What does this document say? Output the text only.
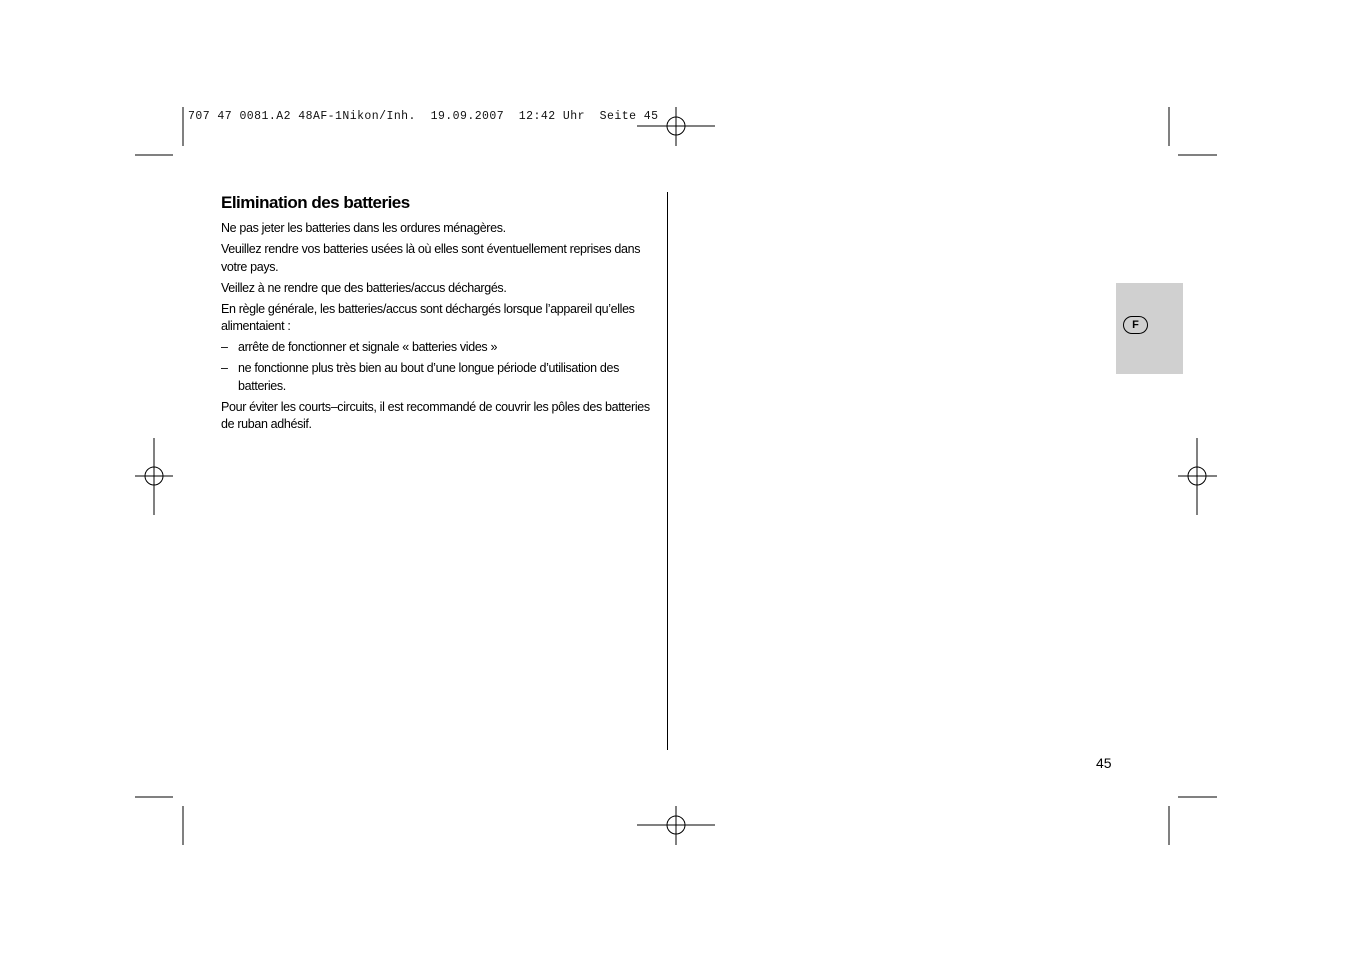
707 47 0081.A2 48AF-1Nikon/Inh.  19.09.2007  12:42 Uhr  Seite 45
Elimination des batteries

Ne pas jeter les batteries dans les ordures ménagères.

Veuillez rendre vos batteries usées là où elles sont éventuellement reprises dans votre pays.

Veillez à ne rendre que des batteries/accus déchargés.

En règle générale, les batteries/accus sont déchargés lorsque l’appareil qu’elles alimentaient :

– arrête de fonctionner et signale « batteries vides »
– ne fonctionne plus très bien au bout d’une longue période d’utilisation des batteries.

Pour éviter les courts–circuits, il est recommandé de couvrir les pôles des batteries de ruban adhésif.

F
45
